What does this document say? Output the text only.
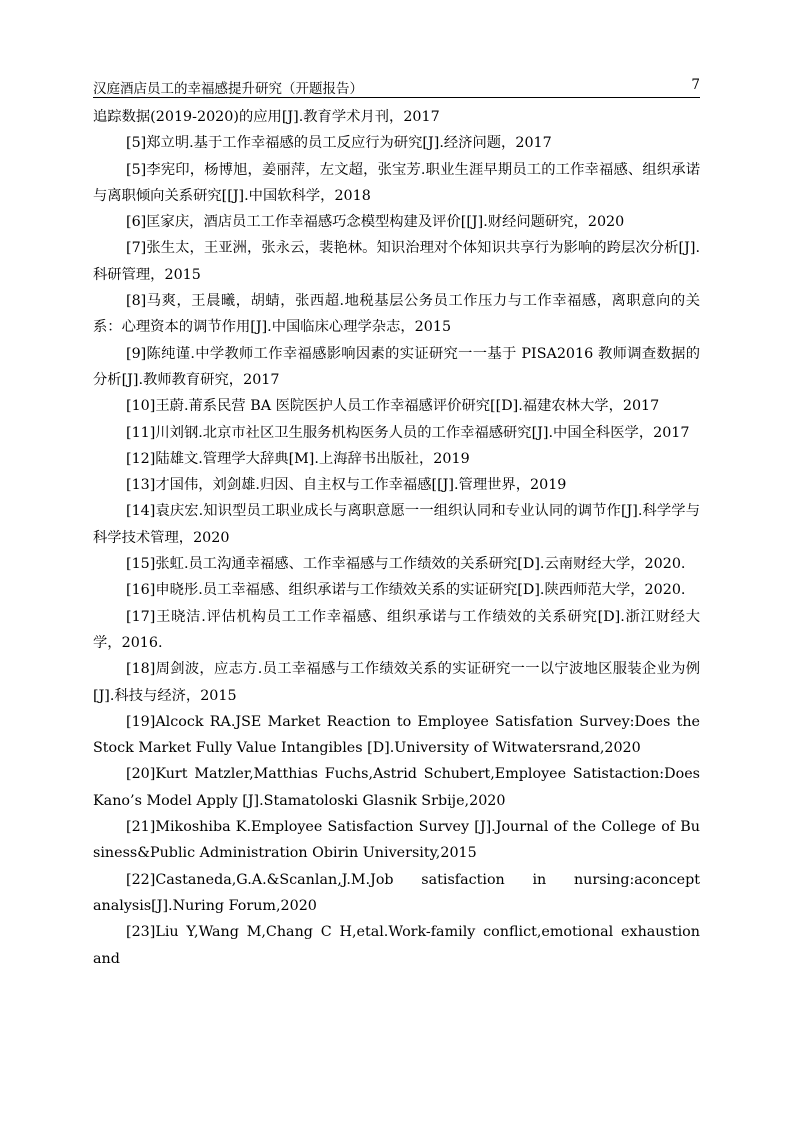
汉庭酒店员工的幸福感提升研究（开题报告）	7

追踪数据(2019-2020)的应用[J].教育学术月刊，2017

[5]郑立明.基于工作幸福感的员工反应行为研究[J].经济问题，2017

[5]李宪印，杨博旭，姜丽萍，左文超，张宝芳.职业生涯早期员工的工作幸福感、组织承诺与离职倾向关系研究[[J].中国软科学，2018

[6]匡家庆，酒店员工工作幸福感巧念模型构建及评价[[J].财经问题研究，2020

[7]张生太，王亚洲，张永云，裴艳林。知识治理对个体知识共享行为影响的跨层次分析[J].科研管理，2015

[8]马爽，王晨曦，胡蜻，张西超.地税基层公务员工作压力与工作幸福感，离职意向的关系：心理资本的调节作用[J].中国临床心理学杂志，2015

[9]陈纯谨.中学教师工作幸福感影响因素的实证研究一一基于 PISA2016 教师调查数据的分析[J].教师教育研究，2017

[10]王蔚.莆系民营 BA 医院医护人员工作幸福感评价研究[[D].福建农林大学，2017

[11]川刘钢.北京市社区卫生服务机构医务人员的工作幸福感研究[J].中国全科医学，2017

[12]陆雄文.管理学大辞典[M].上海辞书出版社，2019

[13]才国伟，刘剑雄.归因、自主权与工作幸福感[[J].管理世界，2019

[14]袁庆宏.知识型员工职业成长与离职意愿一一组织认同和专业认同的调节作[J].科学学与科学技术管理，2020

[15]张虹.员工沟通幸福感、工作幸福感与工作绩效的关系研究[D].云南财经大学，2020.

[16]申晓彤.员工幸福感、组织承诺与工作绩效关系的实证研究[D].陕西师范大学，2020.

[17]王晓洁.评估机构员工工作幸福感、组织承诺与工作绩效的关系研究[D].浙江财经大学，2016.

[18]周剑波，应志方.员工幸福感与工作绩效关系的实证研究一一以宁波地区服装企业为例[J].科技与经济，2015

[19]Alcock RA.JSE Market Reaction to Employee Satisfation Survey:Does the Stock Market Fully Value Intangibles [D].University of Witwatersrand,2020

[20]Kurt Matzler,Matthias Fuchs,Astrid Schubert,Employee Satistaction:Does Kano’s Model Apply [J].Stamatoloski Glasnik Srbije,2020

[21]Mikoshiba K.Employee Satisfaction Survey [J].Journal of the College of Bu siness&Public Administration Obirin University,2015

[22]Castaneda,G.A.&Scanlan,J.M.Job satisfaction in nursing:aconcept analysis[J].Nuring Forum,2020

[23]Liu Y,Wang M,Chang C H,etal.Work-family conflict,emotional exhaustion and
